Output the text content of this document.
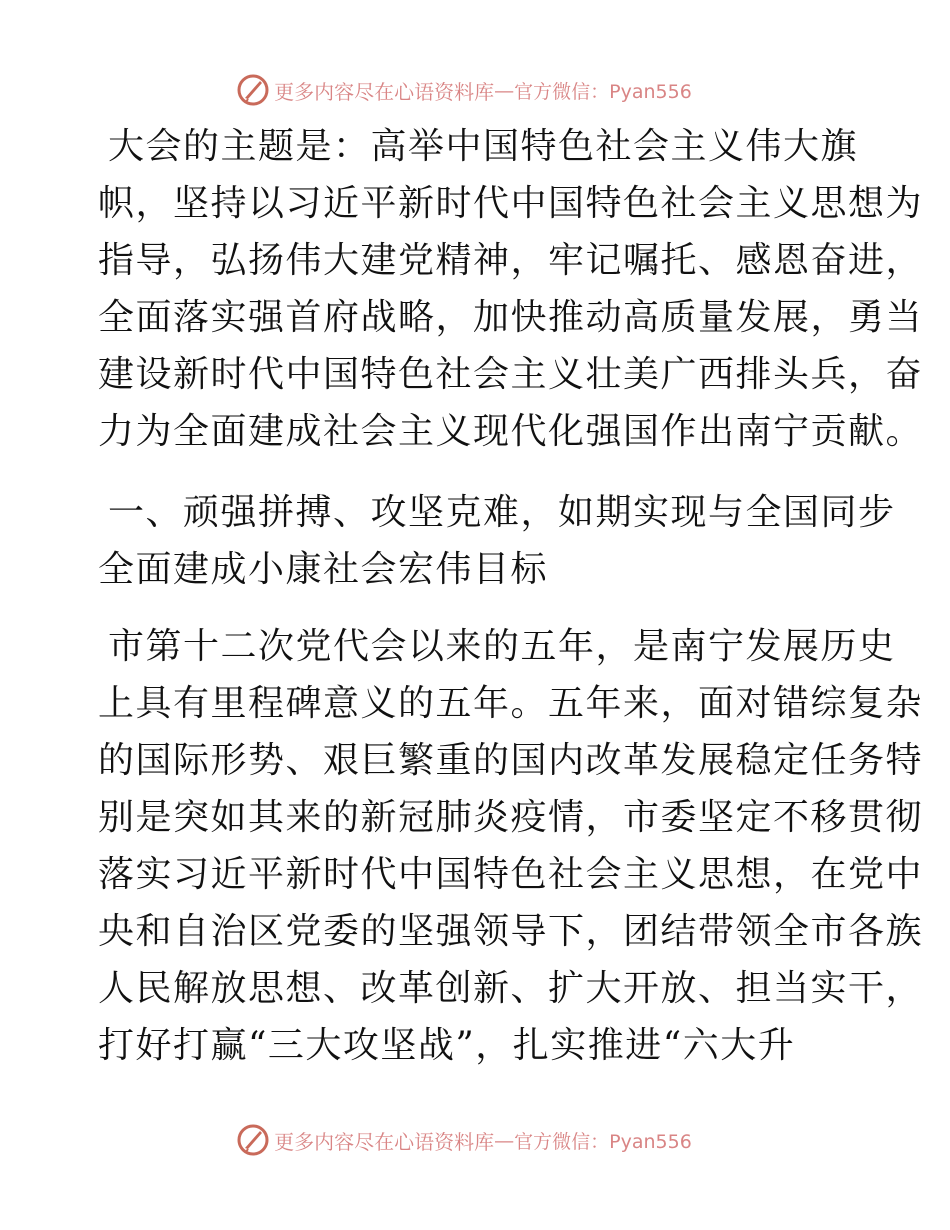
更多内容尽在心语资料库 — 官方微信：Pyan556
大会的主题是：高举中国特色社会主义伟大旗
帜，坚持以习近平新时代中国特色社会主义思想为
指导，弘扬伟大建党精神，牢记嘱托、感恩奋进，
全面落实强首府战略，加快推动高质量发展，勇当
建设新时代中国特色社会主义壮美广西排头兵，奋
力为全面建成社会主义现代化强国作出南宁贡献。
一、顽强拼搏、攻坚克难，如期实现与全国同步
全面建成小康社会宏伟目标
市第十二次党代会以来的五年，是南宁发展历史
上具有里程碑意义的五年。五年来，面对错综复杂
的国际形势、艰巨繁重的国内改革发展稳定任务特
别是突如其来的新冠肺炎疫情，市委坚定不移贯彻
落实习近平新时代中国特色社会主义思想，在党中
央和自治区党委的坚强领导下，团结带领全市各族
人民解放思想、改革创新、扩大开放、担当实干，
打好打赢“三大攻坚战”，扎实推进“六大升
更多内容尽在心语资料库 — 官方微信：Pyan556
